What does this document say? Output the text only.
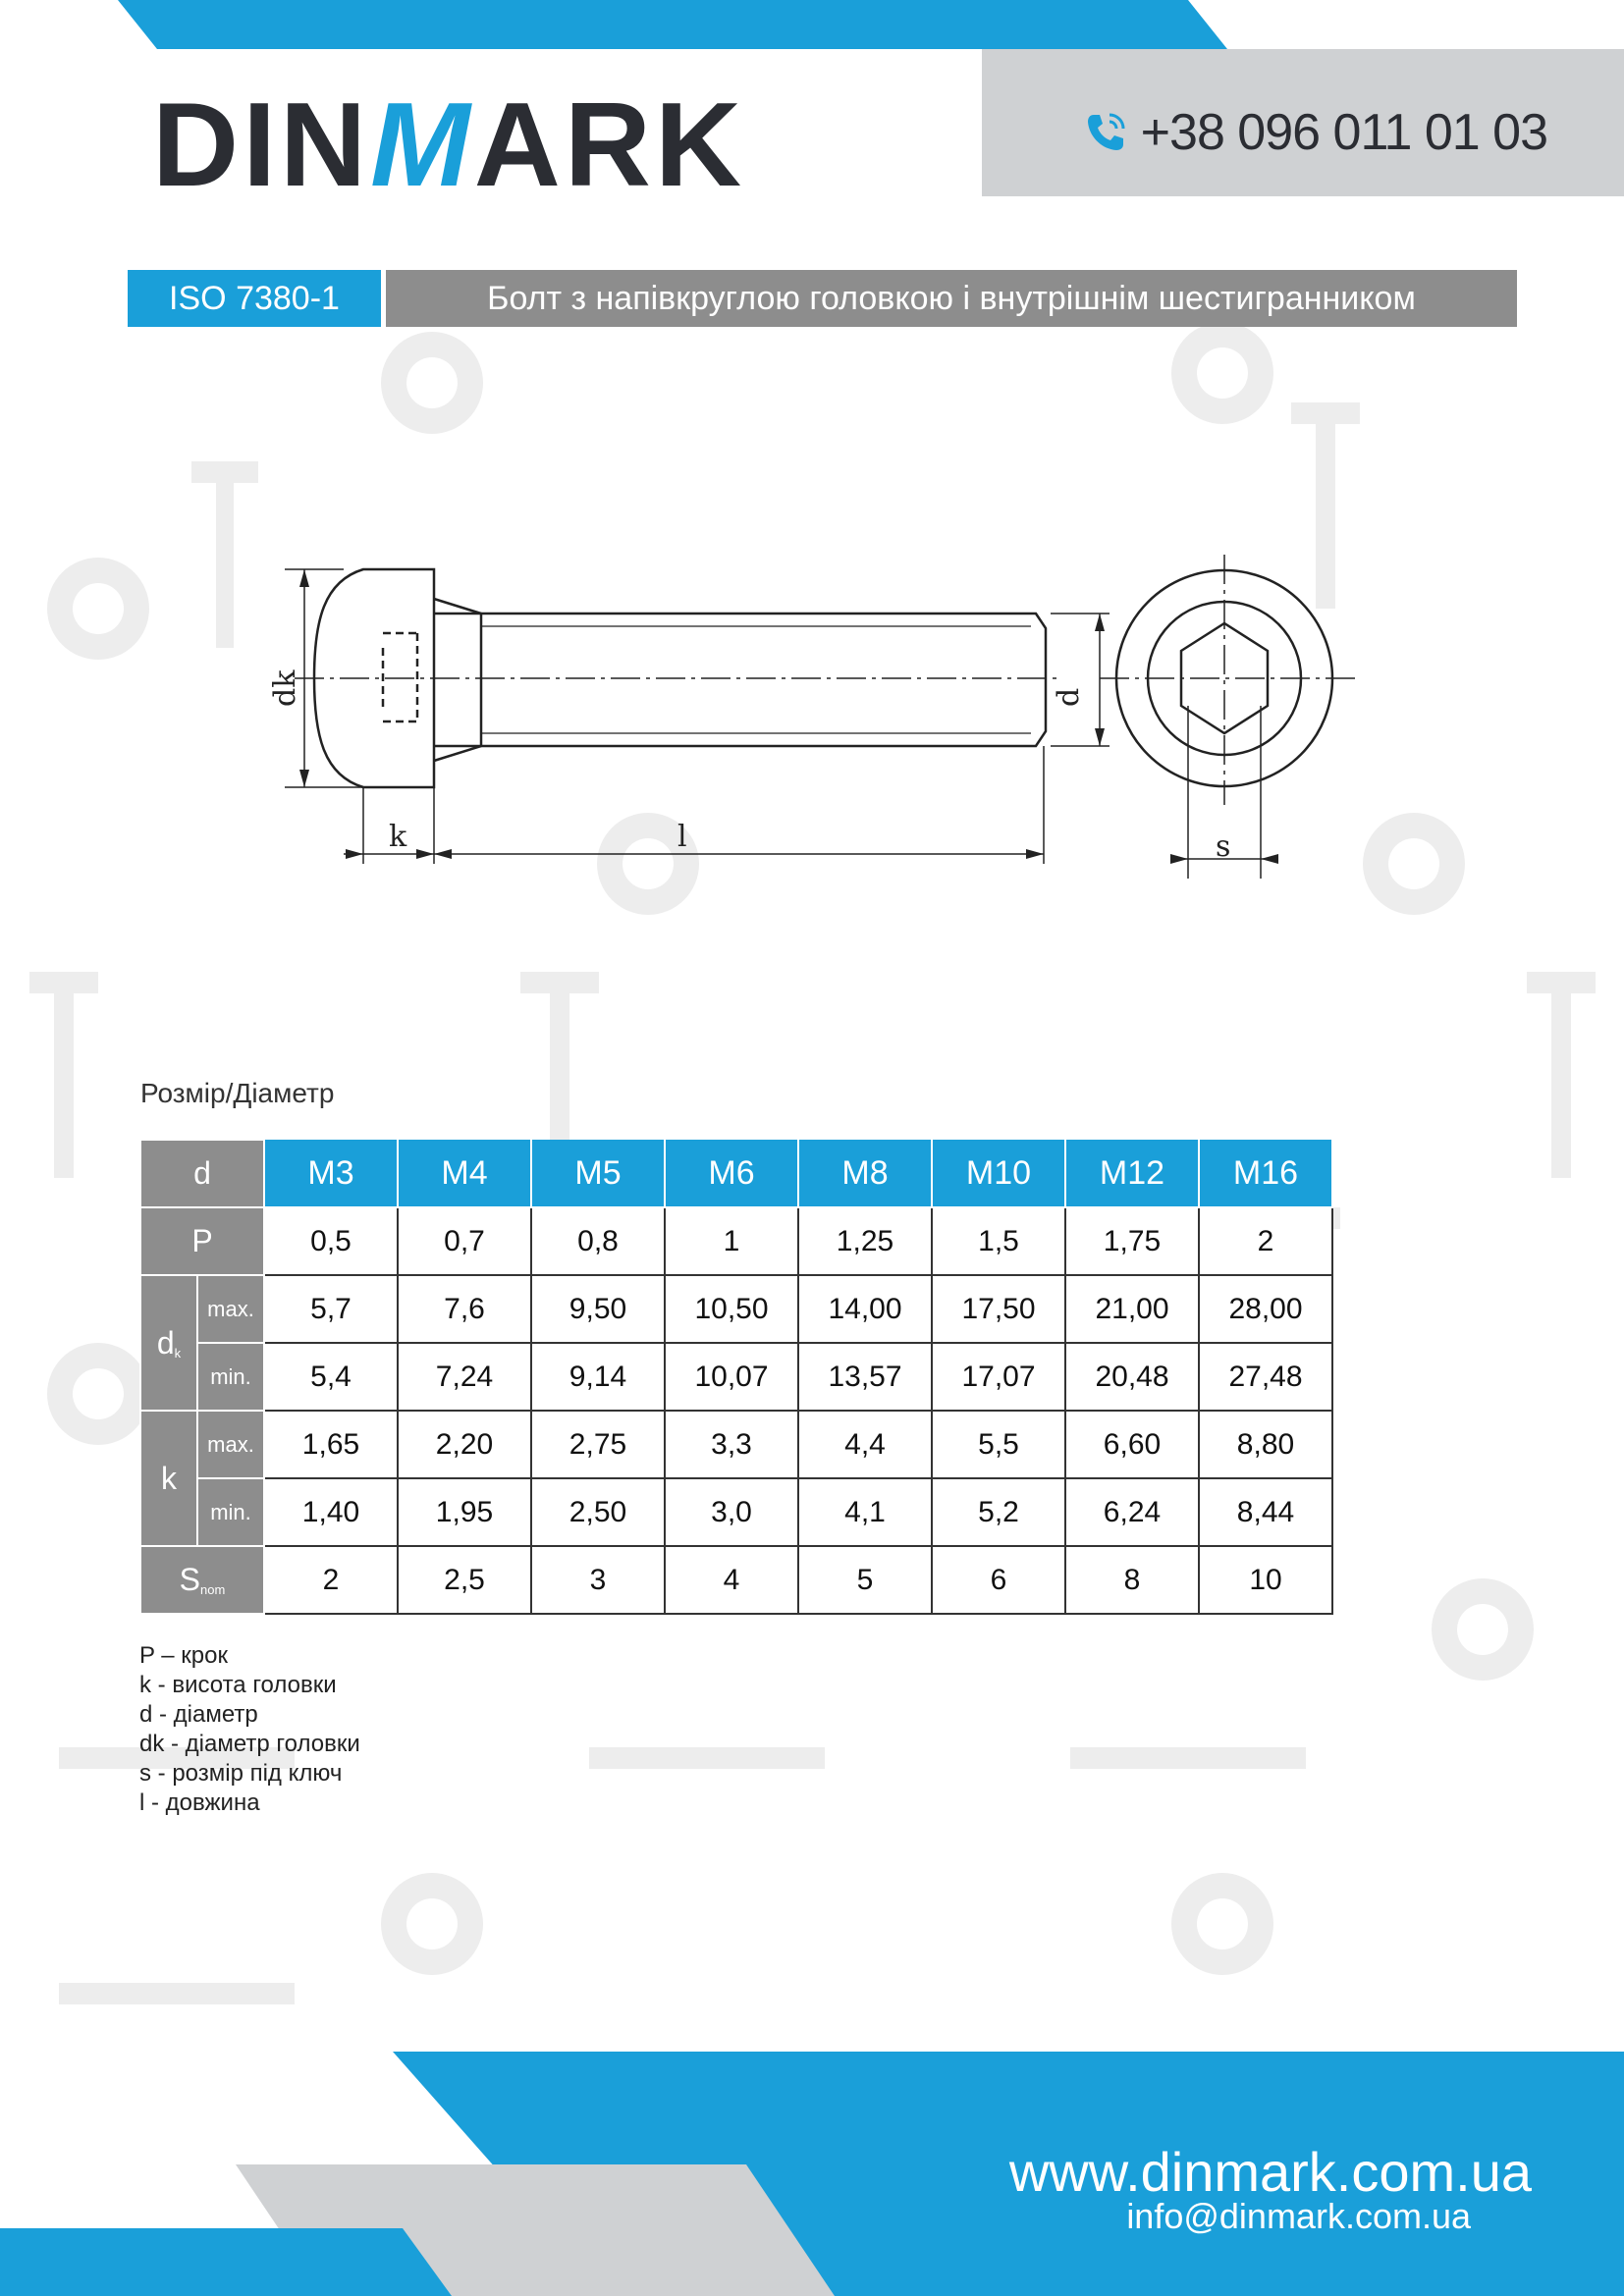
DINMARK	+38 096 011 01 03
ISO 7380-1	Болт з напівкруглою головкою і внутрішнім шестигранником
dk	d
k	l	s
Розмір/Діаметр
d		M3	M4	M5	M6	M8	M10	M12	M16
P		0,5	0,7	0,8	1	1,25	1,5	1,75	2
dk	max.	5,7	7,6	9,50	10,50	14,00	17,50	21,00	28,00
	min.	5,4	7,24	9,14	10,07	13,57	17,07	20,48	27,48
k	max.	1,65	2,20	2,75	3,3	4,4	5,5	6,60	8,80
	min.	1,40	1,95	2,50	3,0	4,1	5,2	6,24	8,44
Snom		2	2,5	3	4	5	6	8	10
P – крок
k - висота головки
d - діаметр
dk - діаметр головки
s - розмір під ключ
l - довжина
www.dinmark.com.ua
info@dinmark.com.ua
